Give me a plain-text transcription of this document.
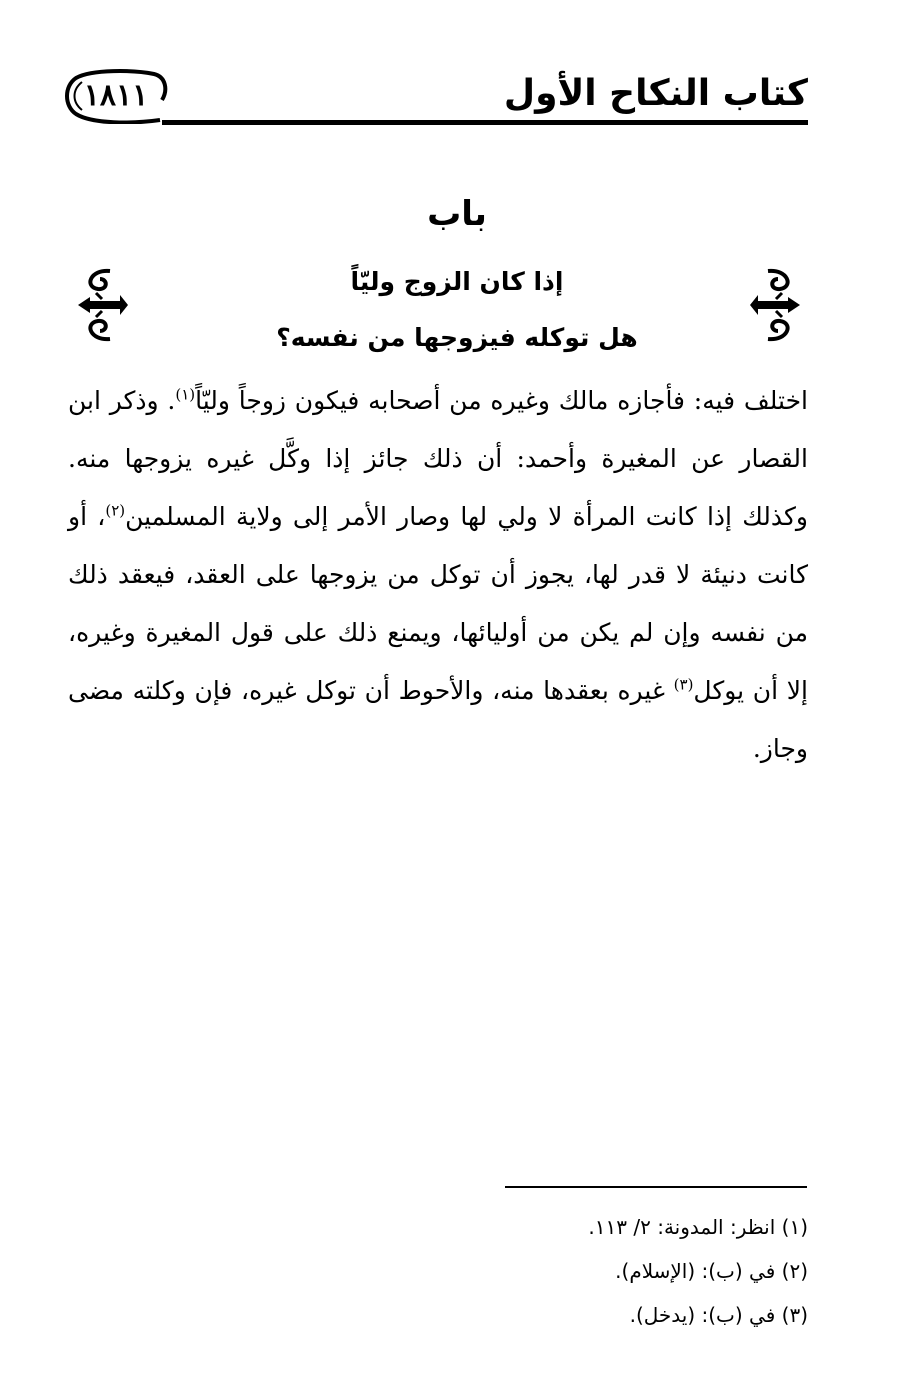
١٨١١	كتاب النكاح الأول
باب
إذا كان الزوج وليّاً
هل توكله فيزوجها من نفسه؟

اختلف فيه: فأجازه مالك وغيره من أصحابه فيكون زوجاً وليّاً$^{(١)}$. وذكر ابن القصار عن المغيرة وأحمد: أن ذلك جائز إذا وكَّل غيره يزوجها منه. وكذلك إذا كانت المرأة لا ولي لها وصار الأمر إلى ولاية المسلمين$^{(٢)}$، أو كانت دنيئة لا قدر لها، يجوز أن توكل من يزوجها على العقد، فيعقد ذلك من نفسه وإن لم يكن من أوليائها، ويمنع ذلك على قول المغيرة وغيره، إلا أن يوكل$^{(٣)}$ غيره بعقدها منه، والأحوط أن توكل غيره، فإن وكلته مضى وجاز.

(١) انظر: المدونة: ٢/ ١١٣.
(٢) في (ب): (الإسلام).
(٣) في (ب): (يدخل).
